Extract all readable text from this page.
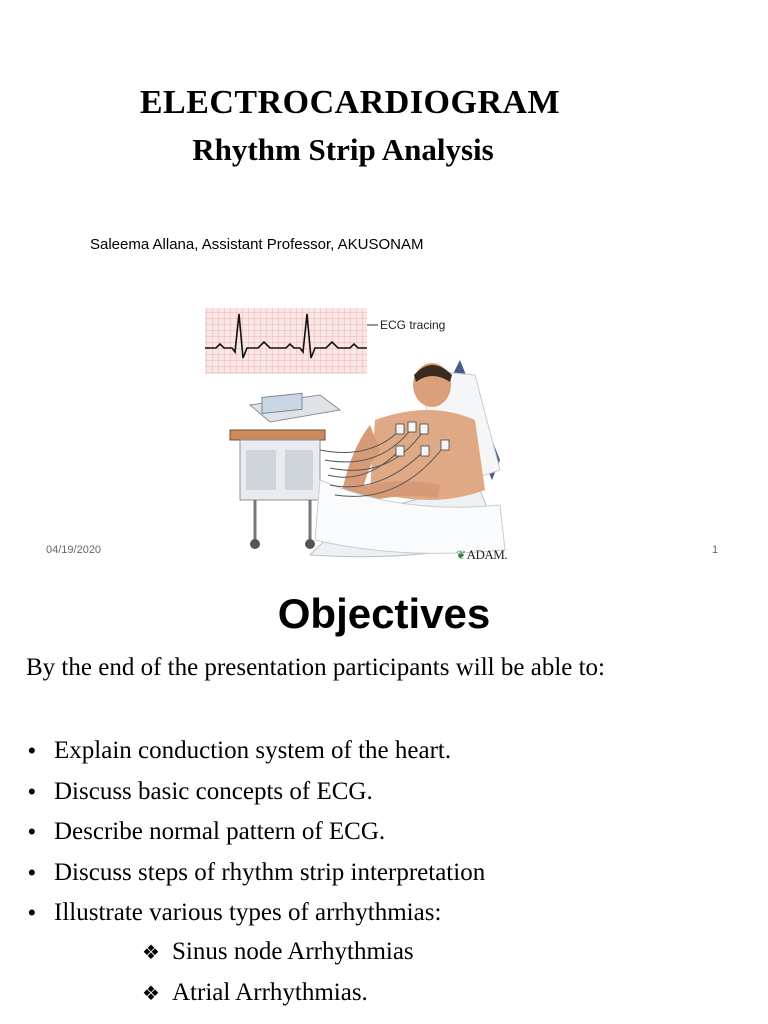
ELECTROCARDIOGRAM
Rhythm Strip Analysis
Saleema Allana, Assistant Professor, AKUSONAM
ECG tracing
04/19/2020	❦ADAM.	1
Objectives
By the end of the presentation participants will be able to:
• Explain conduction system of the heart.
• Discuss basic concepts of ECG.
• Describe normal pattern of ECG.
• Discuss steps of rhythm strip interpretation
• Illustrate various types of arrhythmias:
❖ Sinus node Arrhythmias
❖ Atrial Arrhythmias.
